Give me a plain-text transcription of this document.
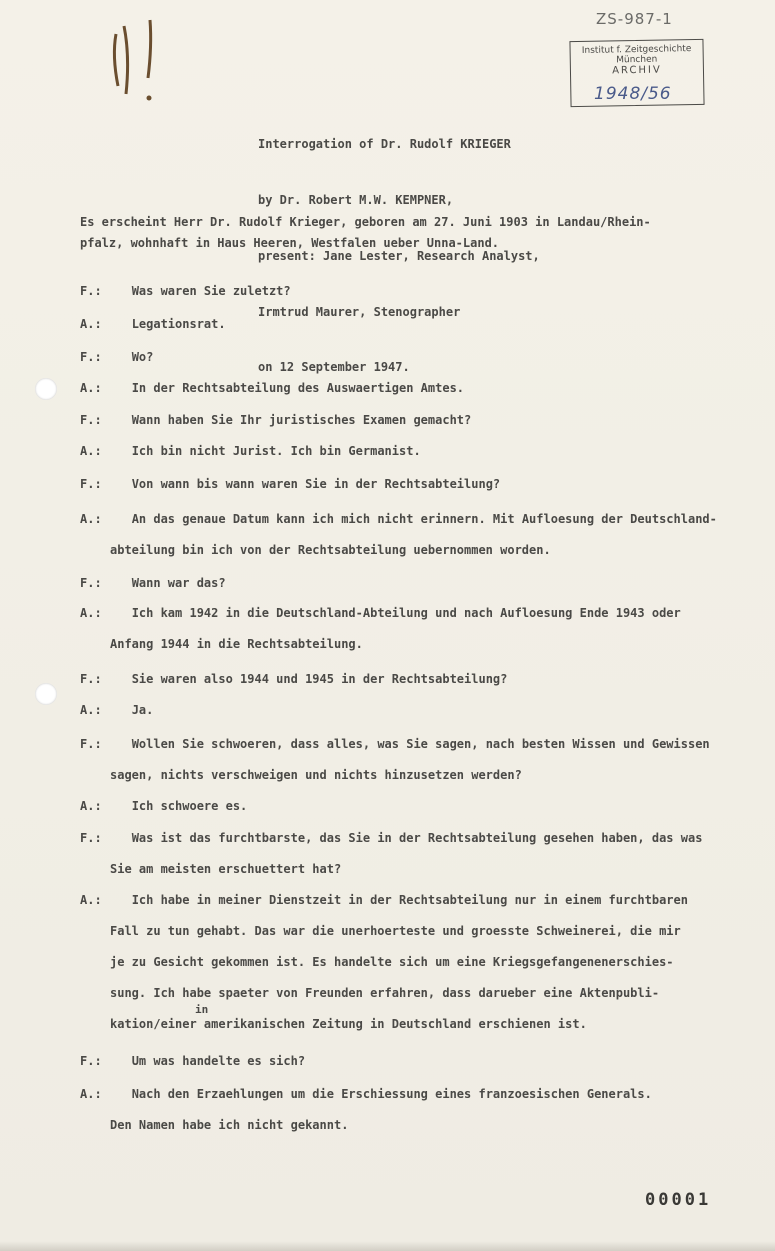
ZS-987-1
Institut f. Zeitgeschichte
München
ARCHIV
1948/56

Interrogation of Dr. Rudolf KRIEGER

by Dr. Robert M.W. KEMPNER,

present: Jane Lester, Research Analyst,

Irmtrud Maurer, Stenographer

on 12 September 1947.

Es erscheint Herr Dr. Rudolf Krieger, geboren am 27. Juni 1903 in Landau/Rhein-
pfalz, wohnhaft in Haus Heeren, Westfalen ueber Unna-Land.
F.:	Was waren Sie zuletzt?
A.:	Legationsrat.
F.:	Wo?
A.:	In der Rechtsabteilung des Auswaertigen Amtes.
F.:	Wann haben Sie Ihr juristisches Examen gemacht?
A.:	Ich bin nicht Jurist. Ich bin Germanist.
F.:	Von wann bis wann waren Sie in der Rechtsabteilung?
A.:	An das genaue Datum kann ich mich nicht erinnern. Mit Aufloesung der Deutschland-
abteilung bin ich von der Rechtsabteilung uebernommen worden.
F.:	Wann war das?
A.:	Ich kam 1942 in die Deutschland-Abteilung und nach Aufloesung Ende 1943 oder
Anfang 1944 in die Rechtsabteilung.
F.:	Sie waren also 1944 und 1945 in der Rechtsabteilung?
A.:	Ja.
F.:	Wollen Sie schwoeren, dass alles, was Sie sagen, nach besten Wissen und Gewissen
sagen, nichts verschweigen und nichts hinzusetzen werden?
A.:	Ich schwoere es.
F.:	Was ist das furchtbarste, das Sie in der Rechtsabteilung gesehen haben, das was
Sie am meisten erschuettert hat?
A.:	Ich habe in meiner Dienstzeit in der Rechtsabteilung nur in einem furchtbaren
Fall zu tun gehabt. Das war die unerhoerteste und groesste Schweinerei, die mir
je zu Gesicht gekommen ist. Es handelte sich um eine Kriegsgefangenenerschies-
sung. Ich habe spaeter von Freunden erfahren, dass darueber eine Aktenpubli-
kation/einer amerikanischen Zeitung in Deutschland erschienen ist.
F.:	Um was handelte es sich?
A.:	Nach den Erzaehlungen um die Erschiessung eines franzoesischen Generals.
Den Namen habe ich nicht gekannt.
in
00001
